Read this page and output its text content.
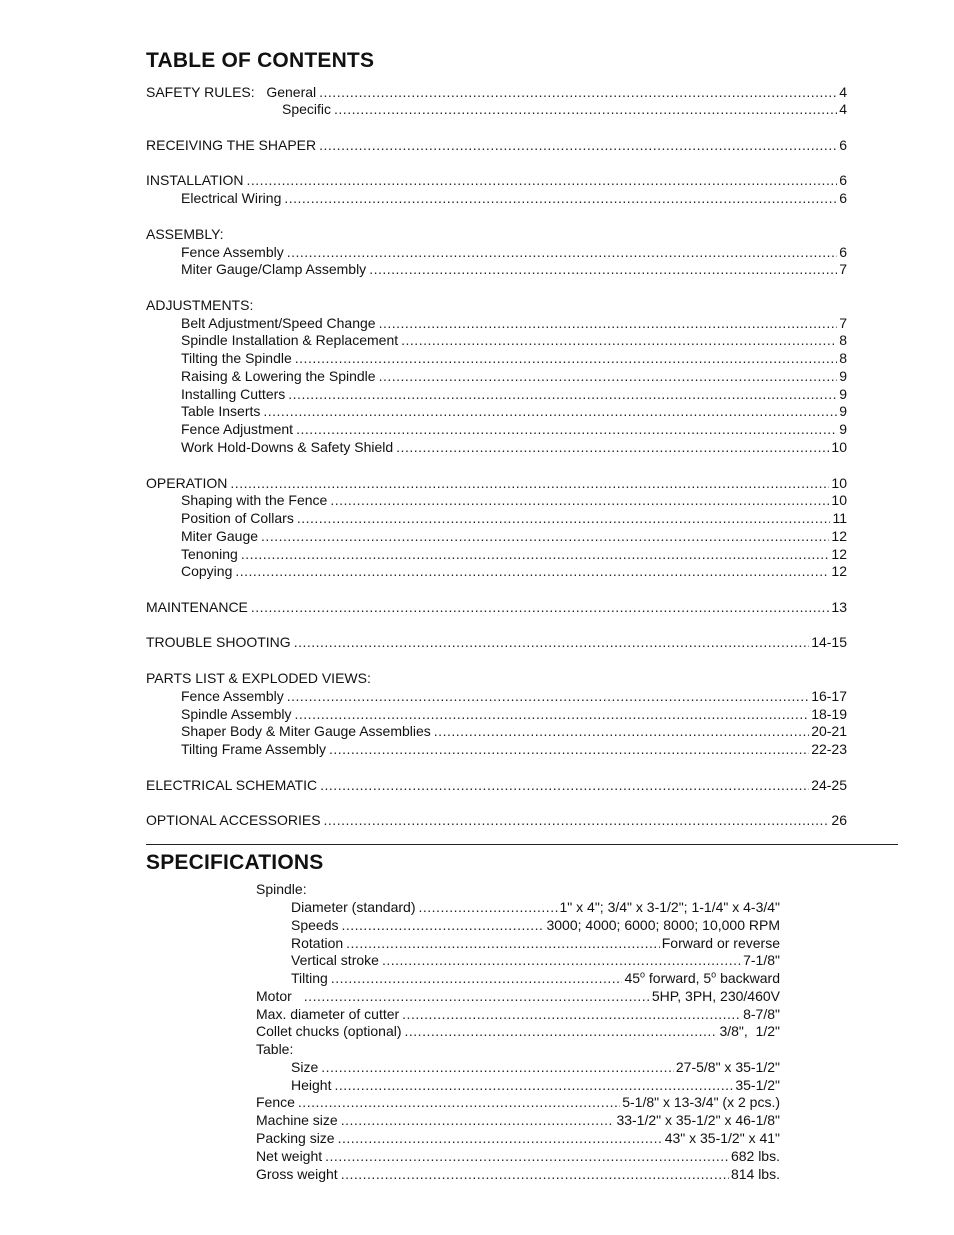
TABLE OF CONTENTS
SAFETY RULES:   General .....	4
Specific .....	4
RECEIVING THE SHAPER .....	6
INSTALLATION .....	6
Electrical Wiring .....	6
ASSEMBLY:
Fence Assembly .....	6
Miter Gauge/Clamp Assembly .....	7
ADJUSTMENTS:
Belt Adjustment/Speed Change .....	7
Spindle Installation & Replacement .....	8
Tilting the Spindle .....	8
Raising & Lowering the Spindle .....	9
Installing Cutters .....	9
Table Inserts .....	9
Fence Adjustment .....	9
Work Hold-Downs & Safety Shield .....	10
OPERATION .....	10
Shaping with the Fence .....	10
Position of Collars .....	11
Miter Gauge .....	12
Tenoning .....	12
Copying .....	12
MAINTENANCE .....	13
TROUBLE SHOOTING .....	14-15
PARTS LIST & EXPLODED VIEWS:
Fence Assembly .....	16-17
Spindle Assembly .....	18-19
Shaper Body & Miter Gauge Assemblies .....	20-21
Tilting Frame Assembly .....	22-23
ELECTRICAL SCHEMATIC .....	24-25
OPTIONAL ACCESSORIES .....	26
SPECIFICATIONS
Spindle:
Diameter (standard) .....	1" x 4"; 3/4" x 3-1/2"; 1-1/4" x 4-3/4"
Speeds .....	3000; 4000; 6000; 8000; 10,000 RPM
Rotation .....	Forward or reverse
Vertical stroke .....	7-1/8"
Tilting .....	45$^o$ forward, 5$^o$ backward
Motor .....	5HP, 3PH, 230/460V
Max. diameter of cutter .....	8-7/8"
Collet chucks (optional) .....	3/8",  1/2"
Table:
Size .....	27-5/8" x 35-1/2"
Height .....	35-1/2"
Fence .....	5-1/8" x 13-3/4" (x 2 pcs.)
Machine size .....	33-1/2" x 35-1/2" x 46-1/8"
Packing size .....	43" x 35-1/2" x 41"
Net weight .....	682 lbs.
Gross weight .....	814 lbs.
